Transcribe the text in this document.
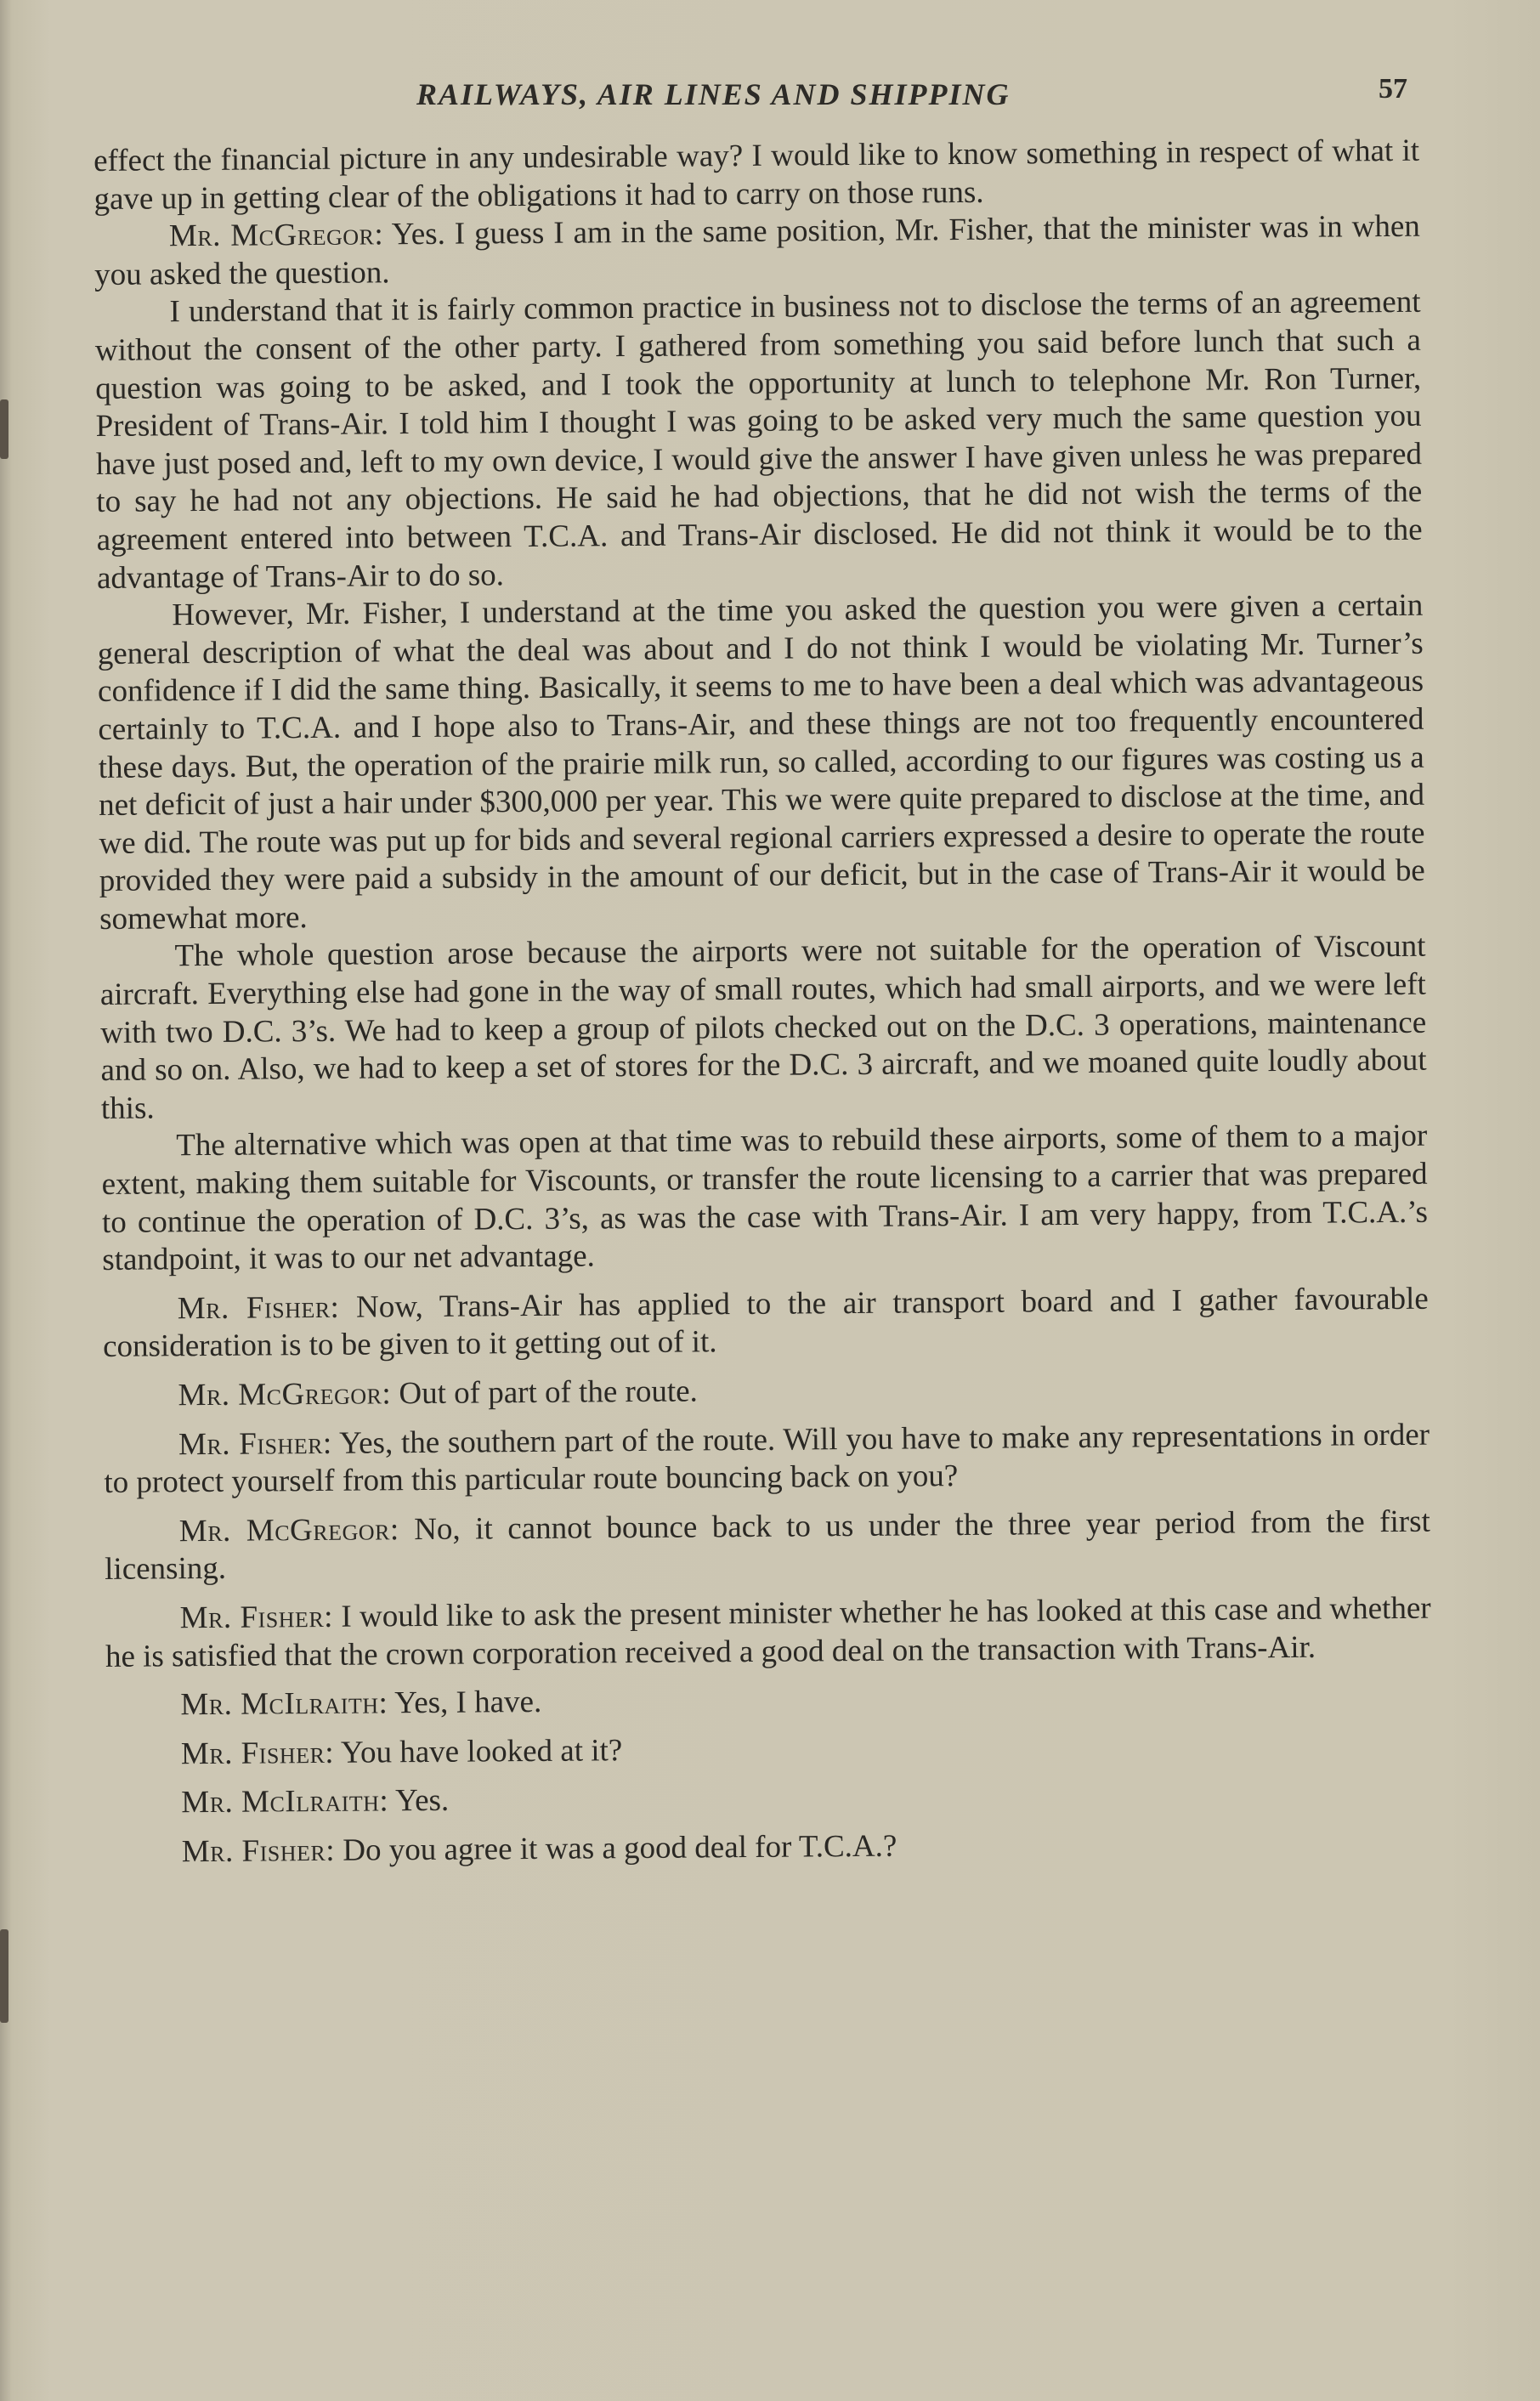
RAILWAYS, AIR LINES AND SHIPPING	57

effect the financial picture in any undesirable way? I would like to know something in respect of what it gave up in getting clear of the obligations it had to carry on those runs.

Mr. McGregor: Yes. I guess I am in the same position, Mr. Fisher, that the minister was in when you asked the question.

I understand that it is fairly common practice in business not to disclose the terms of an agreement without the consent of the other party. I gathered from something you said before lunch that such a question was going to be asked, and I took the opportunity at lunch to telephone Mr. Ron Turner, President of Trans-Air. I told him I thought I was going to be asked very much the same question you have just posed and, left to my own device, I would give the answer I have given unless he was prepared to say he had not any objections. He said he had objections, that he did not wish the terms of the agreement entered into between T.C.A. and Trans-Air disclosed. He did not think it would be to the advantage of Trans-Air to do so.

However, Mr. Fisher, I understand at the time you asked the question you were given a certain general description of what the deal was about and I do not think I would be violating Mr. Turner’s confidence if I did the same thing. Basically, it seems to me to have been a deal which was advantageous certainly to T.C.A. and I hope also to Trans-Air, and these things are not too frequently encountered these days. But, the operation of the prairie milk run, so called, according to our figures was costing us a net deficit of just a hair under $300,000 per year. This we were quite prepared to disclose at the time, and we did. The route was put up for bids and several regional carriers expressed a desire to operate the route provided they were paid a subsidy in the amount of our deficit, but in the case of Trans-Air it would be somewhat more.

The whole question arose because the airports were not suitable for the operation of Viscount aircraft. Everything else had gone in the way of small routes, which had small airports, and we were left with two D.C. 3’s. We had to keep a group of pilots checked out on the D.C. 3 operations, maintenance and so on. Also, we had to keep a set of stores for the D.C. 3 aircraft, and we moaned quite loudly about this.

The alternative which was open at that time was to rebuild these airports, some of them to a major extent, making them suitable for Viscounts, or transfer the route licensing to a carrier that was prepared to continue the operation of D.C. 3’s, as was the case with Trans-Air. I am very happy, from T.C.A.’s standpoint, it was to our net advantage.

Mr. Fisher: Now, Trans-Air has applied to the air transport board and I gather favourable consideration is to be given to it getting out of it.

Mr. McGregor: Out of part of the route.

Mr. Fisher: Yes, the southern part of the route. Will you have to make any representations in order to protect yourself from this particular route bouncing back on you?

Mr. McGregor: No, it cannot bounce back to us under the three year period from the first licensing.

Mr. Fisher: I would like to ask the present minister whether he has looked at this case and whether he is satisfied that the crown corporation received a good deal on the transaction with Trans-Air.

Mr. McIlraith: Yes, I have.

Mr. Fisher: You have looked at it?

Mr. McIlraith: Yes.

Mr. Fisher: Do you agree it was a good deal for T.C.A.?
